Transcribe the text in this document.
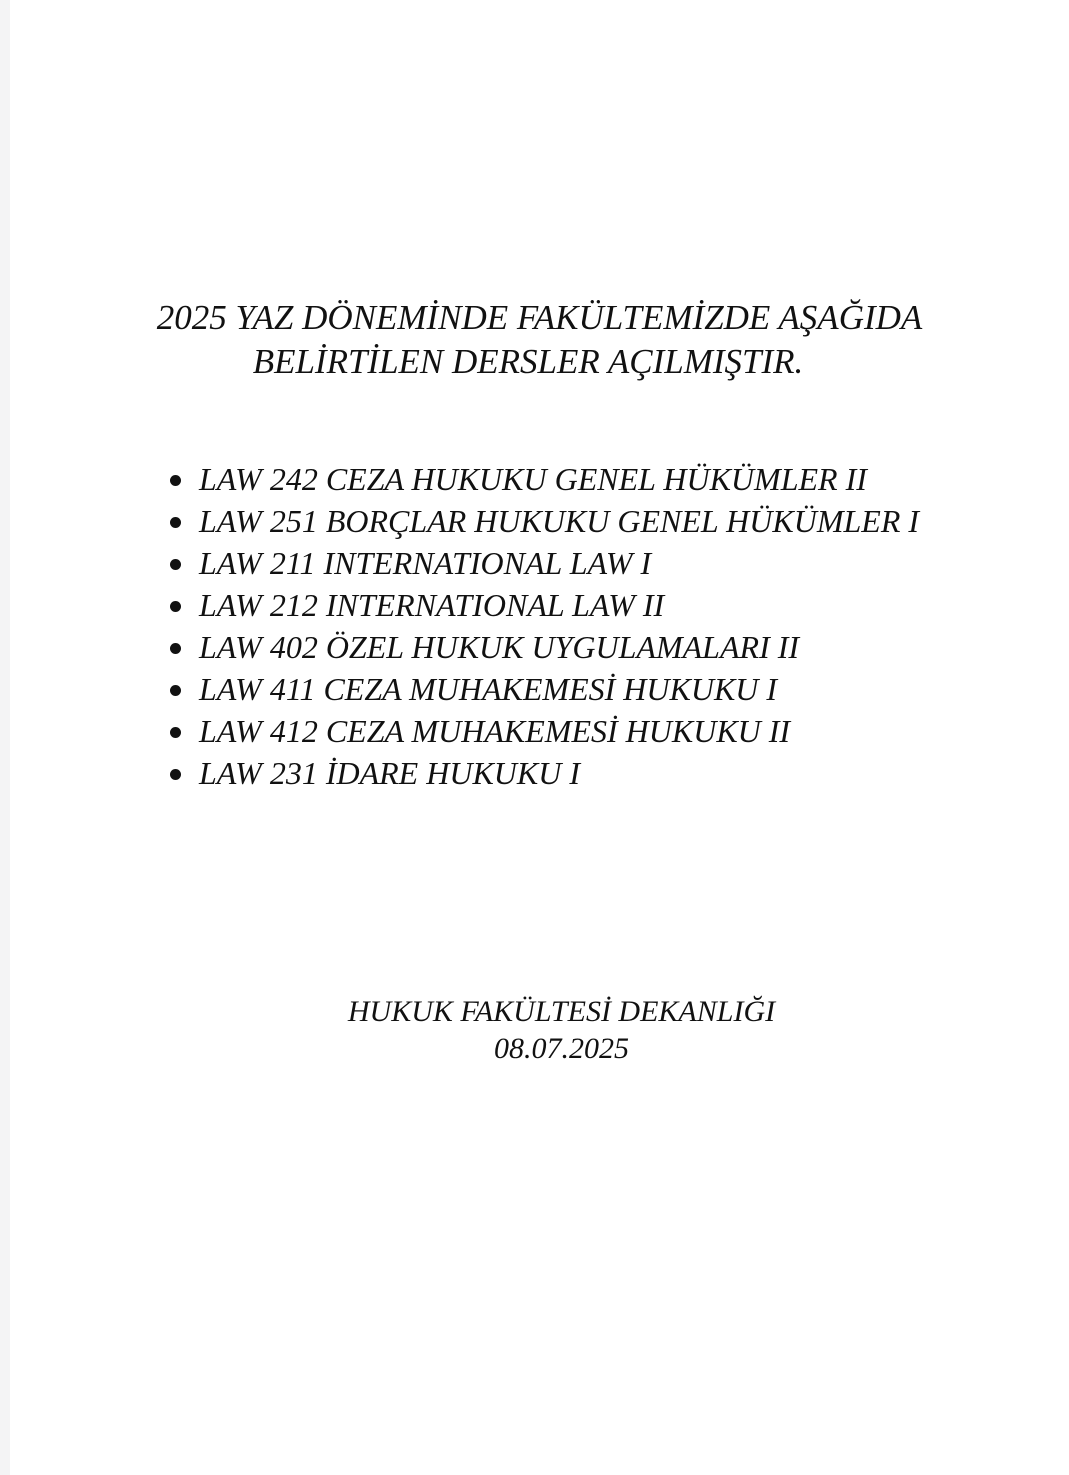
2025 YAZ DÖNEMİNDE FAKÜLTEMİZDE AŞAĞIDA
BELİRTİLEN DERSLER AÇILMIŞTIR.
LAW 242 CEZA HUKUKU GENEL HÜKÜMLER II
LAW 251 BORÇLAR HUKUKU GENEL HÜKÜMLER I
LAW 211 INTERNATIONAL LAW I
LAW 212 INTERNATIONAL LAW II
LAW 402 ÖZEL HUKUK UYGULAMALARI II
LAW 411 CEZA MUHAKEMESİ HUKUKU I
LAW 412 CEZA MUHAKEMESİ HUKUKU II
LAW 231 İDARE HUKUKU I
HUKUK FAKÜLTESİ DEKANLIĞI
08.07.2025
